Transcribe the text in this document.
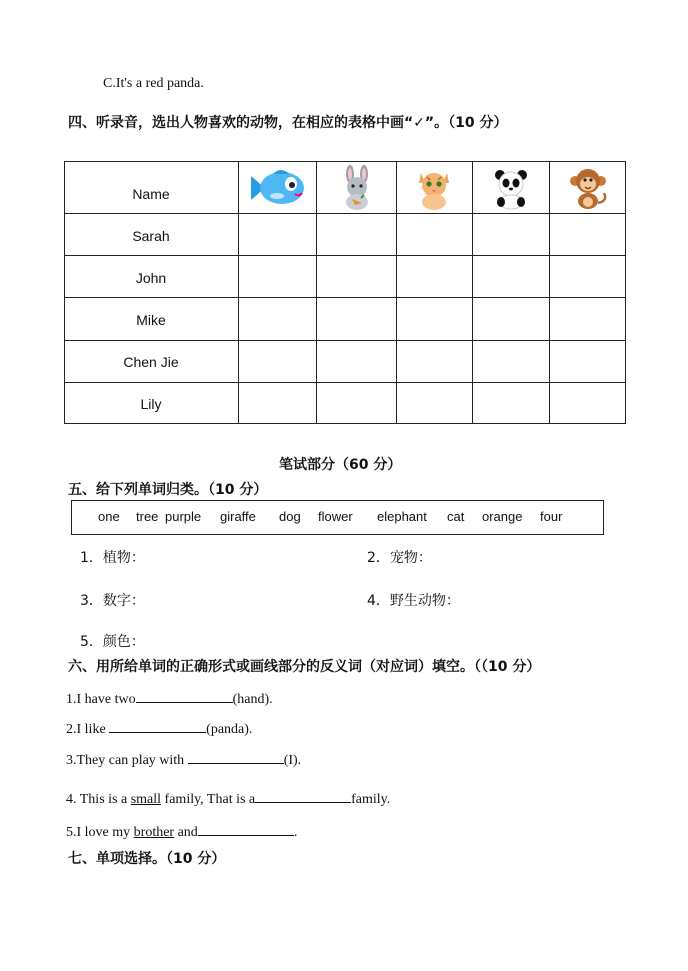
C.It's a red panda.
四、听录音，选出人物喜欢的动物，在相应的表格中画“✓”。（10 分）
Name
Sarah
John
Mike
Chen Jie
Lily
笔试部分（60 分）
五、给下列单词归类。（10 分）
one tree purple giraffe dog flower elephant cat orange four
1．植物：	2．宠物：
3．数字：	4．野生动物：
5．颜色：
六、用所给单词的正确形式或画线部分的反义词（对应词）填空。（（10 分）
1.I have two	(hand).
2.I like	(panda).
3.They can play with	(I).
4. This is a small family, That is a	family.
5.I love my brother and	.
七、单项选择。（10 分）
